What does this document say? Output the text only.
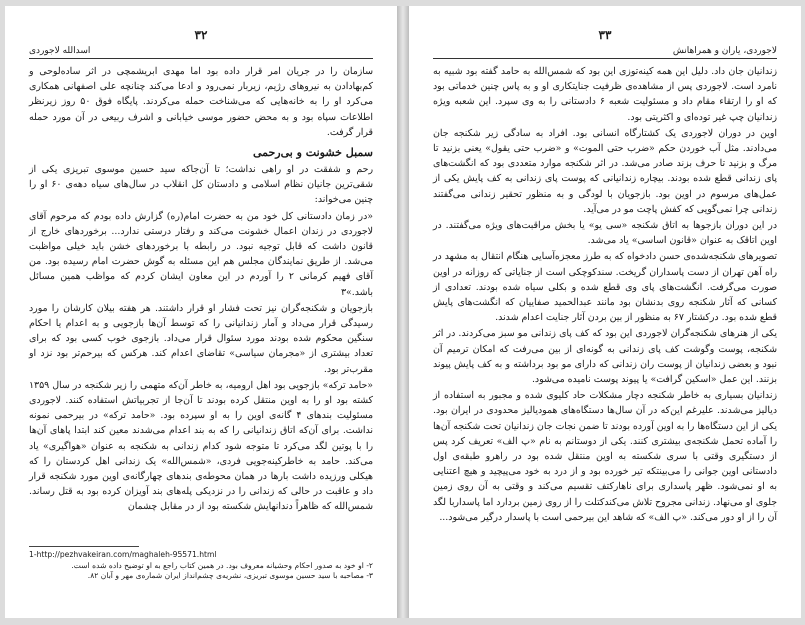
۳۲
اسدالله لاجوردی

سازمان را در جریان امر قرار داده بود اما مهدی ابریشمچی در اثر ساده‌لوحی و کم‌بهادادن به نیروهای رژیم، زیربار نمی‌رود و ادعا می‌کند چنانچه علی اصفهانی همکاری می‌کرد او را به خانه‌هایی که می‌شناخت حمله می‌کردند. پایگاه فوق ۵۰ روز زیرنظر اطلاعات سپاه بود و به محض حضور موسی خیابانی و اشرف ربیعی در آن مورد حمله قرار گرفت.

سمبل خشونت و بی‌رحمی

رحم و شفقت در او راهی نداشت؛ تا آن‌جاکه سید حسین موسوی تبریزی یکی از شقی‌ترین جانیان نظام اسلامی و دادستان کل انقلاب در سال‌های سیاه دهه‌ی ۶۰ او را چنین می‌خواند:

«در زمان دادستانی کل خود من به حضرت امام(ره) گزارش داده بودم که مرحوم آقای لاجوردی در زندان اعمال خشونت می‌کند و رفتار درستی ندارد... برخوردهای خارج از قانون داشت که قابل توجیه نبود. در رابطه با برخوردهای خشن باید خیلی مواظبت می‌شد. از طریق نمایندگان مجلس هم این مسئله به گوش حضرت امام رسیده بود. من آقای فهیم کرمانی ۲ را آوردم در این معاون ایشان کردم که مواظب همین مسائل باشد.»۳

بازجویان و شکنجه‌گران نیز تحت فشار او قرار داشتند. هر هفته بیلان کارشان را مورد رسیدگی قرار می‌داد و آمار زندانیانی را که توسط آن‌ها بازجویی و به اعدام یا احکام سنگین محکوم شده بودند مورد سئوال قرار می‌داد. بازجوی خوب کسی بود که برای تعداد بیشتری از «مجرمان سیاسی» تقاضای اعدام کند. هرکس که بیرحم‌تر بود نزد او مقرب‌تر بود.

«حامد ترکه» بازجویی بود اهل ارومیه، به خاطر آن‌که متهمی را زیر شکنجه در سال ۱۳۵۹ کشته بود او را به اوین منتقل کرده بودند تا آن‌جا از تجربیاتش استفاده کنند. لاجوردی مسئولیت بندهای ۴ گانه‌ی اوین را به او سپرده بود. «حامد ترکه» در بیرحمی نمونه نداشت. برای آن‌که اتاق زندانیانی را که به بند اعدام می‌شدند معین کند ابتدا پاهای آن‌ها را با پوتین لگد می‌کرد تا متوجه شود کدام زندانی به شکنجه به عنوان «هواگیری» یاد می‌کند. حامد به خاطرکینه‌جویی فردی، «شمس‌الله» یک زندانی اهل کردستان را که هیکلی ورزیده داشت بارها در همان محوطه‌ی بندهای چهارگانه‌ی اوین مورد شکنجه قرار داد و عاقبت در حالی که زندانی را در نزدیکی پله‌های بند آویزان کرده بود به قتل رساند. شمس‌الله که ظاهراً دندانهایش شکسته بود از در مقابل چشمان

1-http://pezhvakeiran.com/maghaleh-95571.html
۲- او خود به صدور احکام وحشیانه معروف بود. در همین کتاب راجع به او توضیح داده شده است.
۳- مصاحبه با سید حسین موسوی تبریزی، نشریه‌ی چشم‌انداز ایران شماره‌ی مهر و آبان ۸۲.
۳۳
لاجوردی، یاران و همراهانش

زندانیان جان داد. دلیل این همه کینه‌توزی این بود که شمس‌الله به حامد گفته بود شبیه به نامرد است. لاجوردی پس از مشاهده‌ی ظرفیت جنایتکاری او و به پاس چنین خدماتی بود که او را ارتقاء مقام داد و مسئولیت شعبه ۶ دادستانی را به وی سپرد. این شعبه ویژه زندانیان چپ غیر توده‌ای و اکثریتی بود.

اوین در دوران لاجوردی یک کشتارگاه انسانی بود. افراد به سادگی زیر شکنجه جان می‌دادند. مثل آب خوردن حکم «ضرب حتی الموت» و «ضرب حتی یقول» یعنی بزنید تا مرگ و بزنید تا حرف بزند صادر می‌شد. در اثر شکنجه موارد متعددی بود که انگشت‌های پای زندانی قطع شده بودند. بیچاره زندانیانی که پوست پای زندانی به کف پایش یکی از عمل‌های مرسوم در اوین بود. بازجویان با لودگی و به منظور تحقیر زندانی می‌گفتند زندانی چرا نمی‌گویی که کفش پاچت مو در می‌آید.

در این دوران بازجوها به اتاق شکنجه «سی یو» یا بخش مراقبت‌های ویژه می‌گفتند. در اوین اتاقک به عنوان «قانون اساسی» یاد می‌شد.

تصویرهای شکنجه‌شده‌ی حسن دادخواه که به طرز معجزه‌آسایی هنگام انتقال به مشهد در راه آهن تهران از دست پاسداران گریخت. سندکوچکی است از جنایاتی که روزانه در اوین صورت می‌گرفت. انگشت‌های پای وی قطع شده و بکلی سیاه شده بودند. تعدادی از کسانی که آثار شکنجه روی بدنشان بود مانند عبدالحمید صفاییان که انگشت‌های پایش قطع شده بود. درکشتار ۶۷ به منظور از بین بردن آثار جنایت اعدام شدند.

یکی از هنرهای شکنجه‌گران لاجوردی این بود که کف پای زندانی مو سبز می‌کردند. در اثر شکنجه، پوست وگوشت کف پای زندانی به گونه‌ای از بین می‌رفت که امکان ترمیم آن نبود و بعضی زندانیان از پوست ران زندانی که دارای مو بود برداشته و به کف پایش پیوند بزنند. این عمل «اسکین گرافت» یا پیوند پوست نامیده می‌شود.

زندانیان بسیاری به خاطر شکنجه دچار مشکلات حاد کلیوی شده و مجبور به استفاده از دیالیز می‌شدند. علیرغم این‌که در آن سال‌ها دستگاه‌های همودیالیز محدودی در ایران بود. یکی از این دستگاه‌ها را به اوین آورده بودند تا ضمن نجات جان زندانیان تحت شکنجه آن‌ها را آماده تحمل شکنجه‌ی بیشتری کنند. یکی از دوستانم به نام «پ الف» تعریف کرد پس از دستگیری وقتی با سری شکسته به اوین منتقل شده بود در راهرو طبقه‌ی اول دادستانی اوین جوانی را می‌بینتکه تیر خورده بود و از درد به خود می‌پیچید و هیچ اعتنایی به او نمی‌شود. ظهر پاسداری برای ناهارکتف تقسیم می‌کند و وقتی به آن روی زمین جلوی او می‌نهاد. زندانی مجروح تلاش می‌کندکتلت را از روی زمین بردارد اما پاسداربا لگد آن را از او دور می‌کند. «پ الف» که شاهد این بیرحمی است با پاسدار درگیر می‌شود...
